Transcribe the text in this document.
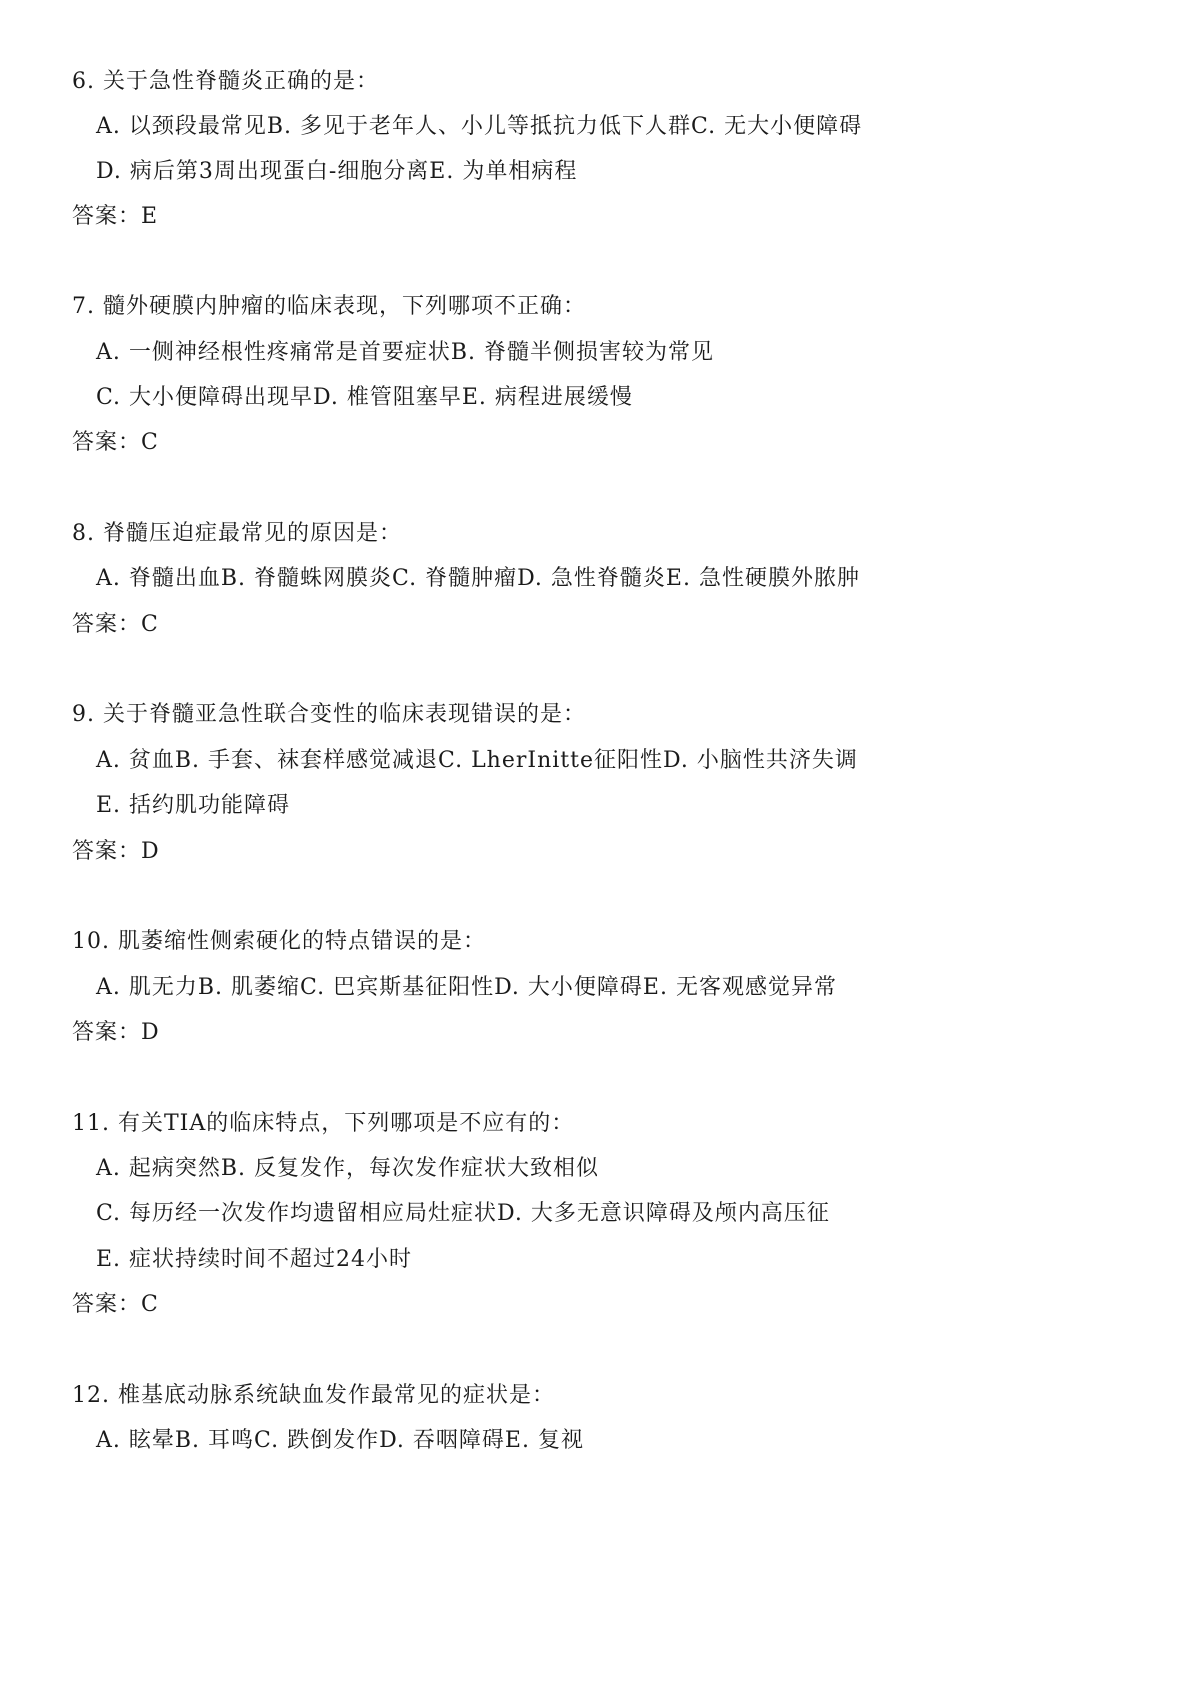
6. 关于急性脊髓炎正确的是：
A. 以颈段最常见B. 多见于老年人、小儿等抵抗力低下人群C. 无大小便障碍
D. 病后第3周出现蛋白-细胞分离E. 为单相病程
答案：E
7. 髓外硬膜内肿瘤的临床表现，下列哪项不正确：
A. 一侧神经根性疼痛常是首要症状B. 脊髓半侧损害较为常见
C. 大小便障碍出现早D. 椎管阻塞早E. 病程进展缓慢
答案：C
8. 脊髓压迫症最常见的原因是：
A. 脊髓出血B. 脊髓蛛网膜炎C. 脊髓肿瘤D. 急性脊髓炎E. 急性硬膜外脓肿
答案：C
9. 关于脊髓亚急性联合变性的临床表现错误的是：
A. 贫血B. 手套、袜套样感觉减退C. LherInitte征阳性D. 小脑性共济失调
E. 括约肌功能障碍
答案：D
10. 肌萎缩性侧索硬化的特点错误的是：
A. 肌无力B. 肌萎缩C. 巴宾斯基征阳性D. 大小便障碍E. 无客观感觉异常
答案：D
11. 有关TIA的临床特点，下列哪项是不应有的：
A. 起病突然B. 反复发作，每次发作症状大致相似
C. 每历经一次发作均遗留相应局灶症状D. 大多无意识障碍及颅内高压征
E. 症状持续时间不超过24小时
答案：C
12. 椎基底动脉系统缺血发作最常见的症状是：
A. 眩晕B. 耳鸣C. 跌倒发作D. 吞咽障碍E. 复视
